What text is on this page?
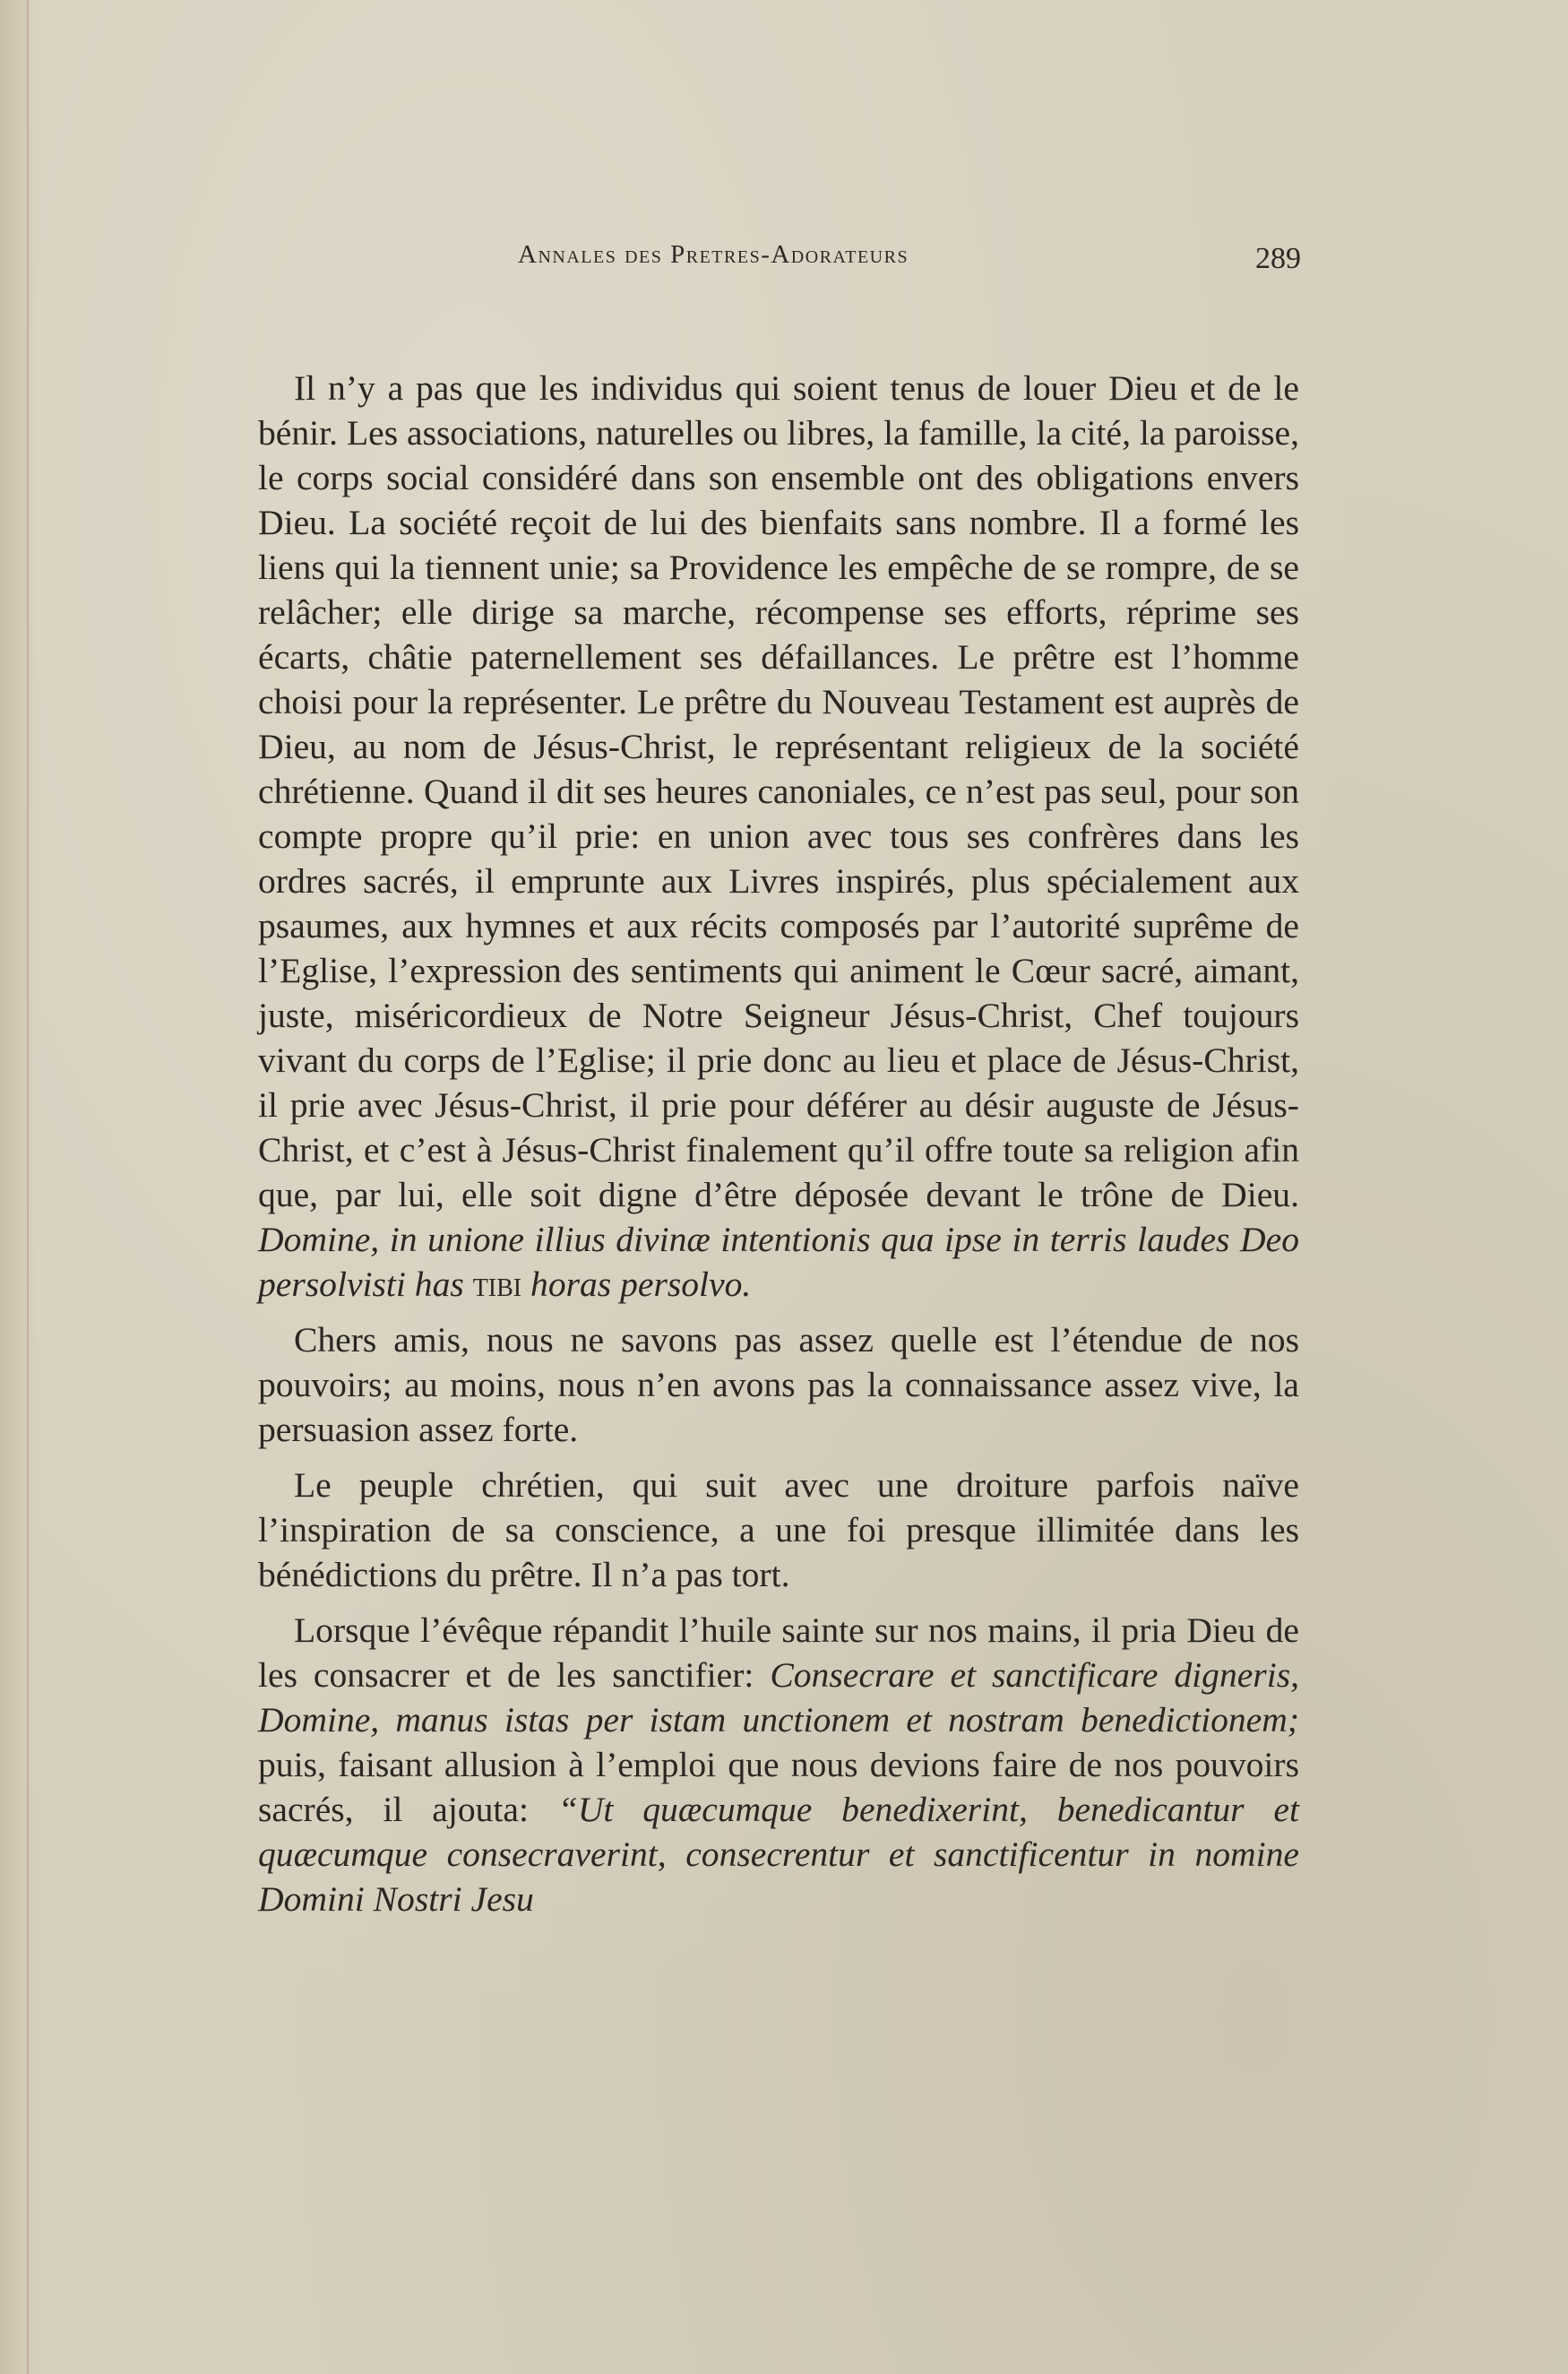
Annales des Pretres-Adorateurs	289

Il n’y a pas que les individus qui soient tenus de louer Dieu et de le bénir. Les associations, naturelles ou libres, la famille, la cité, la paroisse, le corps social considéré dans son ensemble ont des obligations envers Dieu. La société reçoit de lui des bienfaits sans nombre. Il a formé les liens qui la tiennent unie; sa Providence les empêche de se rompre, de se relâcher; elle dirige sa marche, récompense ses efforts, réprime ses écarts, châtie paternellement ses défaillances. Le prêtre est l’homme choisi pour la représenter. Le prêtre du Nouveau Testament est auprès de Dieu, au nom de Jésus-Christ, le représentant religieux de la société chrétienne. Quand il dit ses heures canoniales, ce n’est pas seul, pour son compte propre qu’il prie: en union avec tous ses confrères dans les ordres sacrés, il emprunte aux Livres inspirés, plus spécialement aux psaumes, aux hymnes et aux récits composés par l’autorité suprême de l’Eglise, l’expression des sentiments qui animent le Cœur sacré, aimant, juste, miséricordieux de Notre Seigneur Jésus-Christ, Chef toujours vivant du corps de l’Eglise; il prie donc au lieu et place de Jésus-Christ, il prie avec Jésus-Christ, il prie pour déférer au désir auguste de Jésus-Christ, et c’est à Jésus-Christ finalement qu’il offre toute sa religion afin que, par lui, elle soit digne d’être déposée devant le trône de Dieu. Domine, in unione illius divinæ intentionis qua ipse in terris laudes Deo persolvisti has tibi horas persolvo.

Chers amis, nous ne savons pas assez quelle est l’étendue de nos pouvoirs; au moins, nous n’en avons pas la connaissance assez vive, la persuasion assez forte.

Le peuple chrétien, qui suit avec une droiture parfois naïve l’inspiration de sa conscience, a une foi presque illimitée dans les bénédictions du prêtre. Il n’a pas tort.

Lorsque l’évêque répandit l’huile sainte sur nos mains, il pria Dieu de les consacrer et de les sanctifier: Consecrare et sanctificare digneris, Domine, manus istas per istam unctionem et nostram benedictionem; puis, faisant allusion à l’emploi que nous devions faire de nos pouvoirs sacrés, il ajouta: “Ut quæcumque benedixerint, benedicantur et quæcumque consecraverint, consecrentur et sanctificentur in nomine Domini Nostri Jesu
